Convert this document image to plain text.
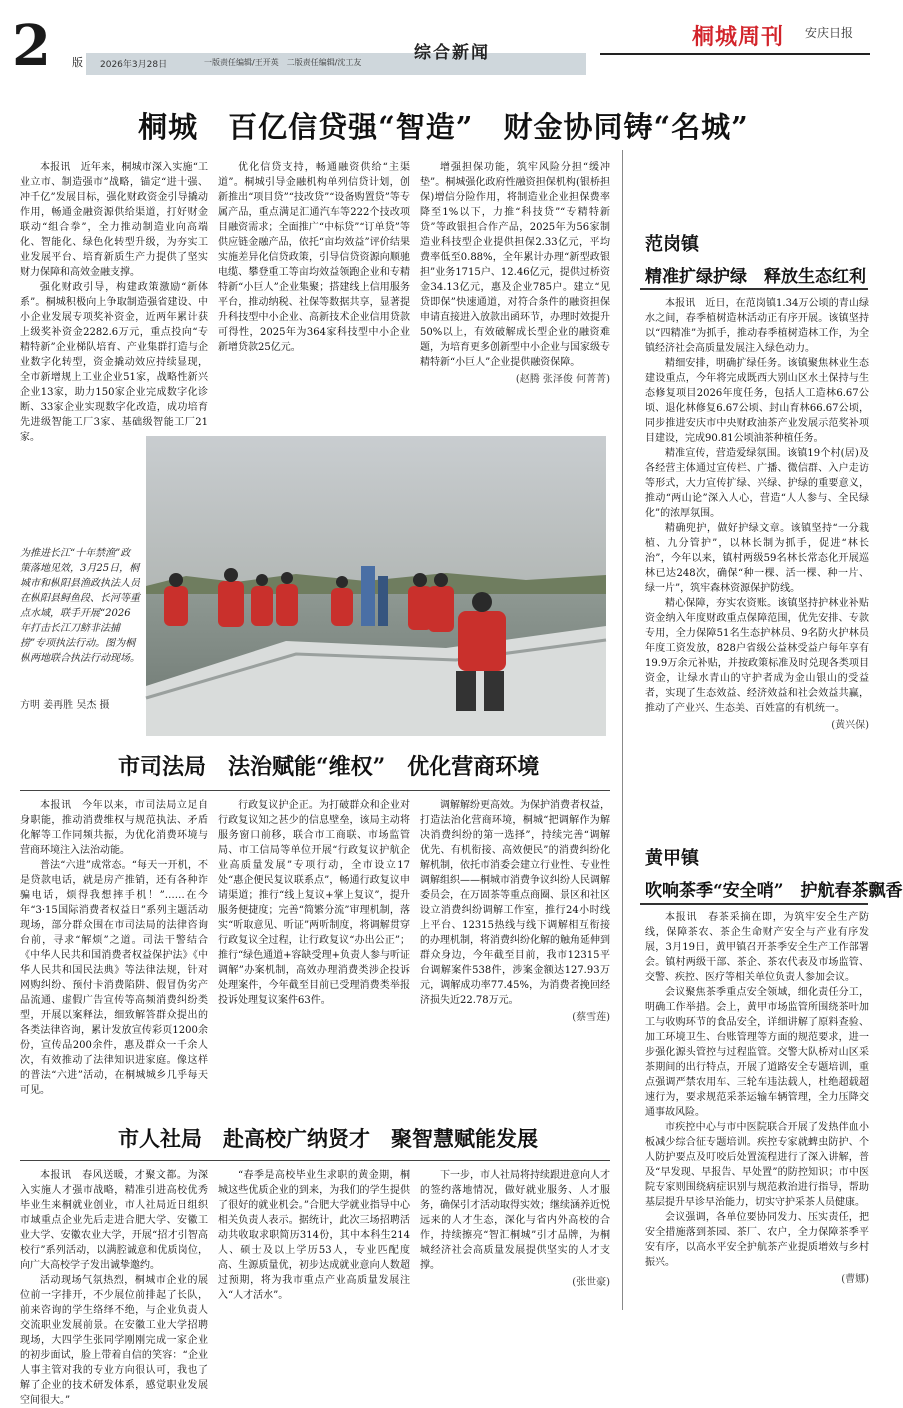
2 版 2026年3月28日	一版责任编辑/王开英　二版责任编辑/沈工友	综合新闻
桐城周刊 安庆日报
桐城　百亿信贷强“智造”　财金协同铸“名城”

本报讯　近年来，桐城市深入实施“工业立市、制造强市”战略，锚定“进十强、冲千亿”发展目标，强化财政资金引导撬动作用，畅通金融资源供给渠道，打好财金联动“组合拳”，全力推动制造业向高端化、智能化、绿色化转型升级，为夯实工业发展平台、培育新质生产力提供了坚实财力保障和高效金融支撑。

强化财政引导，构建政策激励“新体系”。桐城积极向上争取制造强省建设、中小企业发展专项奖补资金，近两年累计获上级奖补资金2282.6万元，重点投向“专精特新”企业梯队培育、产业集群打造与企业数字化转型，资金撬动效应持续显现，全市新增规上工业企业51家，战略性新兴企业13家，助力150家企业完成数字化诊断、33家企业实现数字化改造，成功培育先进级智能工厂3家、基础级智能工厂21家。

优化信贷支持，畅通融资供给“主渠道”。桐城引导金融机构单列信贷计划，创新推出“项目贷”“技改贷”“设备购置贷”等专属产品，重点满足汇通汽车等222个技改项目融资需求；全面推广“中标贷”“订单贷”等供应链金融产品，依托“亩均效益”评价结果实施差异化信贷政策，引导信贷资源向顺驰电缆、攀登重工等亩均效益领跑企业和专精特新“小巨人”企业集聚；搭建线上信用服务平台，推动纳税、社保等数据共享，显著提升科技型中小企业、高新技术企业信用贷款可得性，2025年为364家科技型中小企业新增贷款25亿元。

增强担保功能，筑牢风险分担“缓冲垫”。桐城强化政府性融资担保机构(银桥担保)增信分险作用，将制造业企业担保费率降至1%以下，力推“科技贷”“专精特新贷”等政银担合作产品，2025年为56家制造业科技型企业提供担保2.33亿元，平均费率低至0.88%，全年累计办理“新型政银担”业务1715户、12.46亿元，提供过桥资金34.13亿元，惠及企业785户。建立“见贷即保”快速通道，对符合条件的融资担保申请直接进入放款出函环节，办理时效提升50%以上，有效破解成长型企业的融资难题，为培育更多创新型中小企业与国家级专精特新“小巨人”企业提供融资保障。

(赵腾 张泽俊 何菁菁)
为推进长江“十年禁渔”政策落地见效，3月25日，桐城市和枞阳县渔政执法人员在枞阳县鲟鱼段、长河等重点水域，联手开展“2026年打击长江刀鲚非法捕捞”专项执法行动。图为桐枞两地联合执法行动现场。
方明 姜再胜 吴杰 摄
市司法局　法治赋能“维权”　优化营商环境

本报讯　今年以来，市司法局立足自身职能，推动消费维权与规范执法、矛盾化解等工作同频共振，为优化消费环境与营商环境注入法治动能。

普法“六进”成常态。“每天一开机，不是贷款电话，就是房产推销，还有各种诈骗电话，烦得我想摔手机！”……在今年“3·15国际消费者权益日”系列主题活动现场，部分群众围在市司法局的法律咨询台前，寻求“解烦”之道。司法干警结合《中华人民共和国消费者权益保护法》《中华人民共和国民法典》等法律法规，针对网购纠纷、预付卡消费陷阱、假冒伪劣产品流通、虚假广告宣传等高频消费纠纷类型，开展以案释法，细致解答群众提出的各类法律咨询，累计发放宣传彩页1200余份，宣传品200余件，惠及群众一千余人次，有效推动了法律知识进家庭。像这样的普法“六进”活动，在桐城城乡几乎每天可见。

行政复议护企正。为打破群众和企业对行政复议知之甚少的信息壁垒，该局主动将服务窗口前移，联合市工商联、市场监管局、市工信局等单位开展“行政复议护航企业高质量发展”专项行动，全市设立17处“惠企便民复议联系点”，畅通行政复议申请渠道；推行“线上复议+掌上复议”，提升服务便捷度；完善“简繁分流”审理机制，落实“听取意见、听证”两听制度，将调解贯穿行政复议全过程，让行政复议“办出公正”；推行“绿色通道+容缺受理+负责人参与听证调解”办案机制，高效办理消费类涉企投诉处理案件，今年截至目前已受理消费类举报投诉处理复议案件63件。

调解解纷更高效。为保护消费者权益，打造法治化营商环境，桐城“把调解作为解决消费纠纷的第一选择”，持续完善“调解优先、有机衔接、高效便民”的消费纠纷化解机制，依托市消委会建立行业性、专业性调解组织——桐城市消费争议纠纷人民调解委员会，在万固茶等重点商圈、景区和社区设立消费纠纷调解工作室，推行24小时线上平台、12315热线与线下调解相互衔接的办理机制，将消费纠纷化解的触角延伸到群众身边，今年截至目前，我市12315平台调解案件538件，涉案金额达127.93万元，调解成功率77.45%，为消费者挽回经济损失近22.78万元。

(蔡雪莲)
市人社局　赴高校广纳贤才　聚智慧赋能发展

本报讯　春风送暖，才聚文都。为深入实施人才强市战略，精准引进高校优秀毕业生来桐就业创业，市人社局近日组织市域重点企业先后走进合肥大学、安徽工业大学、安徽农业大学，开展“招才引智高校行”系列活动，以满腔诚意和优质岗位，向广大高校学子发出诚挚邀约。

活动现场气氛热烈，桐城市企业的展位前一字排开，不少展位前排起了长队，前来咨询的学生络绎不绝，与企业负责人交流职业发展前景。在安徽工业大学招聘现场，大四学生张同学刚刚完成一家企业的初步面试，脸上带着自信的笑容：“企业人事主管对我的专业方向很认可，我也了解了企业的技术研发体系，感觉职业发展空间很大。”

“春季是高校毕业生求职的黄金期，桐城这些优质企业的到来，为我们的学生提供了很好的就业机会。”合肥大学就业指导中心相关负责人表示。据统计，此次三场招聘活动共收取求职简历314份，其中本科生214人、硕士及以上学历53人，专业匹配度高、生源质量优，初步达成就业意向人数超过预期，将为我市重点产业高质量发展注入“人才活水”。

下一步，市人社局将持续跟进意向人才的签约落地情况，做好就业服务、人才服务，确保引才活动取得实效；继续涵养近悦远来的人才生态，深化与省内外高校的合作，持续擦亮“智汇桐城”引才品牌，为桐城经济社会高质量发展提供坚实的人才支撑。

(张世豪)
范岗镇
精准扩绿护绿　释放生态红利

本报讯　近日，在范岗镇1.34万公顷的青山绿水之间，春季植树造林活动正有序开展。该镇坚持以“四精准”为抓手，推动春季植树造林工作，为全镇经济社会高质量发展注入绿色动力。

精细安排，明确扩绿任务。该镇聚焦林业生态建设重点，今年将完成既西大别山区水土保持与生态修复项目2026年度任务，包括人工造林6.67公顷、退化林修复6.67公顷、封山育林66.67公顷，同步推进安庆市中央财政油茶产业发展示范奖补项目建设，完成90.81公顷油茶种植任务。

精准宣传，营造爱绿氛围。该镇19个村(居)及各经营主体通过宣传栏、广播、微信群、入户走访等形式，大力宣传扩绿、兴绿、护绿的重要意义，推动“两山论”深入人心，营造“人人参与、全民绿化”的浓厚氛围。

精确兜护，做好护绿文章。该镇坚持“一分栽植、九分管护”，以林长制为抓手，促进“林长治”，今年以来，镇村两级59名林长常态化开展巡林已达248次，确保“种一棵、活一棵、种一片、绿一片”，筑牢森林资源保护防线。

精心保障，夯实农资账。该镇坚持护林业补贴资金纳入年度财政重点保障范围，优先安排、专款专用，全力保障51名生态护林员、9名防火护林员年度工资发放，828户省级公益林受益户每年享有19.9万余元补贴，并按政策标准及时兑现各类项目资金，让绿水青山的守护者成为金山银山的受益者，实现了生态效益、经济效益和社会效益共赢，推动了产业兴、生态美、百姓富的有机统一。

(黄兴保)
黄甲镇
吹响茶季“安全哨”　护航春茶飘香

本报讯　春茶采摘在即，为筑牢安全生产防线，保障茶农、茶企生命财产安全与产业有序发展，3月19日，黄甲镇召开茶季安全生产工作部署会。镇村两级干部、茶企、茶农代表及市场监管、交警、疾控、医疗等相关单位负责人参加会议。

会议聚焦茶季重点安全领域，细化责任分工，明确工作举措。会上，黄甲市场监管所围绕茶叶加工与收购环节的食品安全，详细讲解了原料查验、加工环境卫生、台账管理等方面的规范要求，进一步强化源头管控与过程监管。交警大队桥对山区采茶期间的出行特点，开展了道路安全专题培训，重点强调严禁农用车、三轮车违法载人，杜绝超载超速行为，要求规范采茶运输车辆管理，全力压降交通事故风险。

市疾控中心与市中医院联合开展了发热伴血小板减少综合征专题培训。疾控专家就蜱虫防护、个人防护要点及叮咬后处置流程进行了深入讲解，普及“早发现、早报告、早处置”的防控知识；市中医院专家则围绕病症识别与规范救治进行指导，帮助基层提升早诊早治能力，切实守护采茶人员健康。

会议强调，各单位要协同发力、压实责任，把安全措施落到茶园、茶厂、农户，全力保障茶季平安有序，以高水平安全护航茶产业提质增效与乡村振兴。

(曹娜)
